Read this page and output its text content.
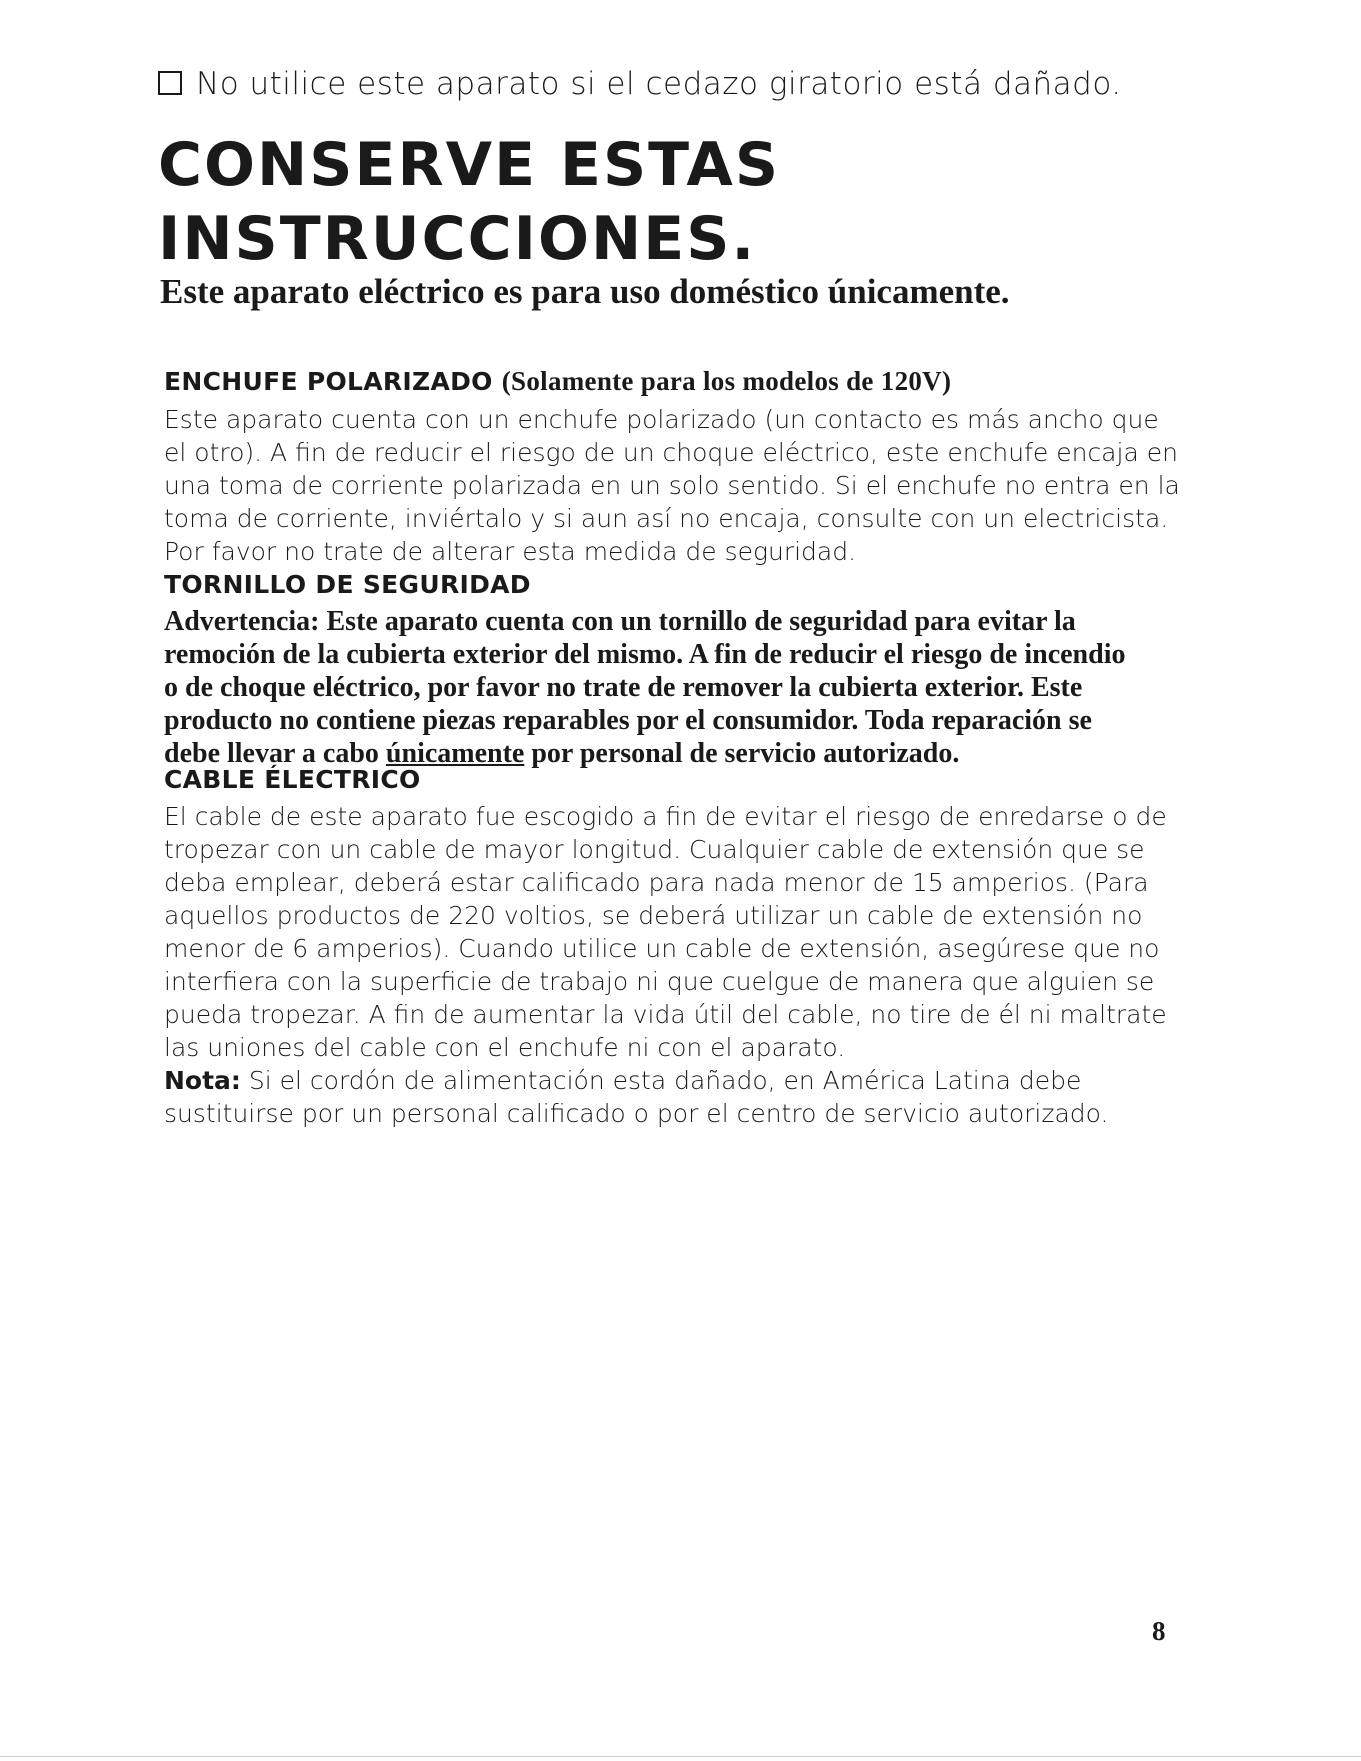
No utilice este aparato si el cedazo giratorio está dañado.
CONSERVE ESTAS
INSTRUCCIONES.

Este aparato eléctrico es para uso doméstico únicamente.

ENCHUFE POLARIZADO (Solamente para los modelos de 120V)

Este aparato cuenta con un enchufe polarizado (un contacto es más ancho que

el otro). A fin de reducir el riesgo de un choque eléctrico, este enchufe encaja en

una toma de corriente polarizada en un solo sentido. Si el enchufe no entra en la

toma de corriente, inviértalo y si aun así no encaja, consulte con un electricista.

Por favor no trate de alterar esta medida de seguridad.

TORNILLO DE SEGURIDAD

Advertencia: Este aparato cuenta con un tornillo de seguridad para evitar la

remoción de la cubierta exterior del mismo. A fin de reducir el riesgo de incendio

o de choque eléctrico, por favor no trate de remover la cubierta exterior. Este

producto no contiene piezas reparables por el consumidor. Toda reparación se

debe llevar a cabo únicamente por personal de servicio autorizado.

CABLE ÉLECTRICO

El cable de este aparato fue escogido a fin de evitar el riesgo de enredarse o de

tropezar con un cable de mayor longitud. Cualquier cable de extensión que se

deba emplear, deberá estar calificado para nada menor de 15 amperios. (Para

aquellos productos de 220 voltios, se deberá utilizar un cable de extensión no

menor de 6 amperios). Cuando utilice un cable de extensión, asegúrese que no

interfiera con la superficie de trabajo ni que cuelgue de manera que alguien se

pueda tropezar. A fin de aumentar la vida útil del cable, no tire de él ni maltrate

las uniones del cable con el enchufe ni con el aparato.

Nota: Si el cordón de alimentación esta dañado, en América Latina debe

sustituirse por un personal calificado o por el centro de servicio autorizado.

8
